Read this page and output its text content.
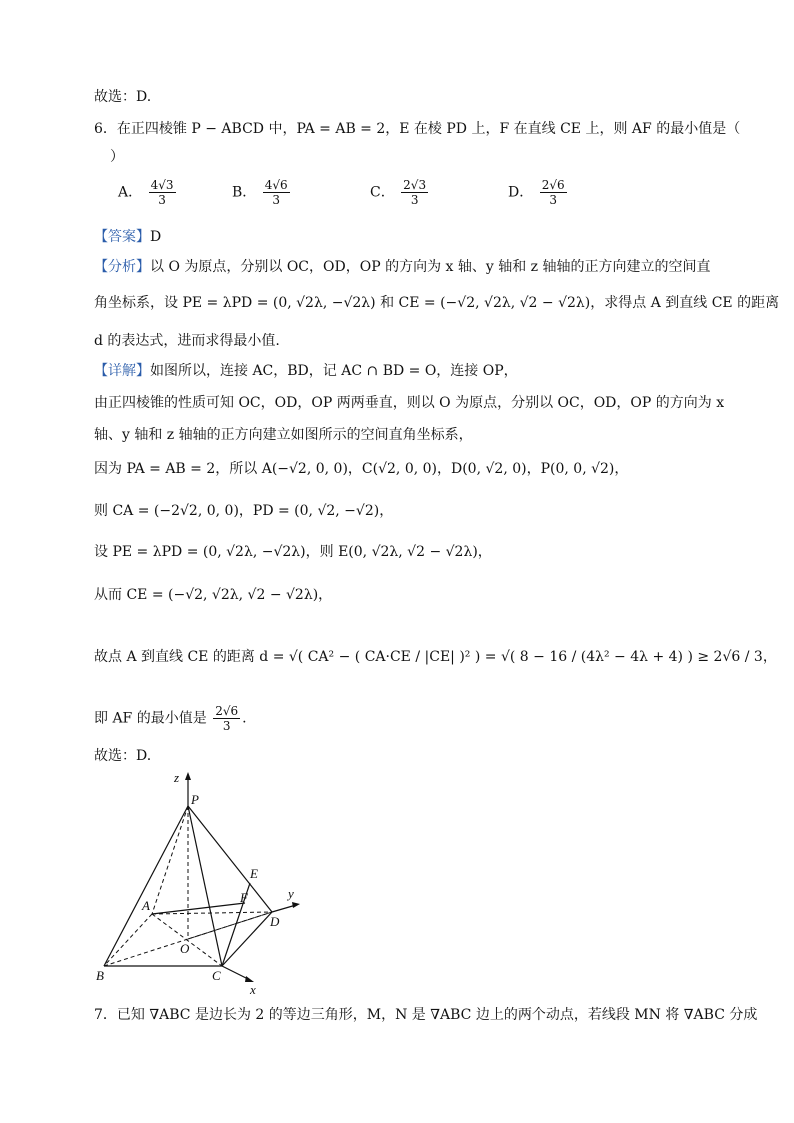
故选：D.
6．在正四棱锥 P − ABCD 中，PA = AB = 2，E 在棱 PD 上，F 在直线 CE 上，则 AF 的最小值是（
）
A． $\frac{4√3}{3}$	B． $\frac{4√6}{3}$	C． $\frac{2√3}{3}$	D． $\frac{2√6}{3}$
【答案】D
【分析】以 O 为原点，分别以 OC，OD，OP 的方向为 x 轴、y 轴和 z 轴轴的正方向建立的空间直
角坐标系，设 PE = λPD = (0, √2λ, −√2λ) 和 CE = (−√2, √2λ, √2 − √2λ)，求得点 A 到直线 CE 的距离
d 的表达式，进而求得最小值.
【详解】如图所以，连接 AC，BD，记 AC ∩ BD = O，连接 OP，
由正四棱锥的性质可知 OC，OD，OP 两两垂直，则以 O 为原点，分别以 OC，OD，OP 的方向为 x
轴、y 轴和 z 轴轴的正方向建立如图所示的空间直角坐标系，
因为 PA = AB = 2，所以 A(−√2, 0, 0)，C(√2, 0, 0)，D(0, √2, 0)，P(0, 0, √2)，
则 CA = (−2√2, 0, 0)，PD = (0, √2, −√2)，
设 PE = λPD = (0, √2λ, −√2λ)，则 E(0, √2λ, √2 − √2λ)，
从而 CE = (−√2, √2λ, √2 − √2λ)，
故点 A 到直线 CE 的距离 d = √( CA² − ( CA·CE / |CE| )² ) = √( 8 − 16 / (4λ² − 4λ + 4) ) ≥ 2√6 / 3，
即 AF 的最小值是 $\frac{2√6}{3}$ .
故选：D.
z
P
E
y
F
A
D
O
B	C
x
7．已知 ∇ABC 是边长为 2 的等边三角形，M，N 是 ∇ABC 边上的两个动点，若线段 MN 将 ∇ABC 分成
